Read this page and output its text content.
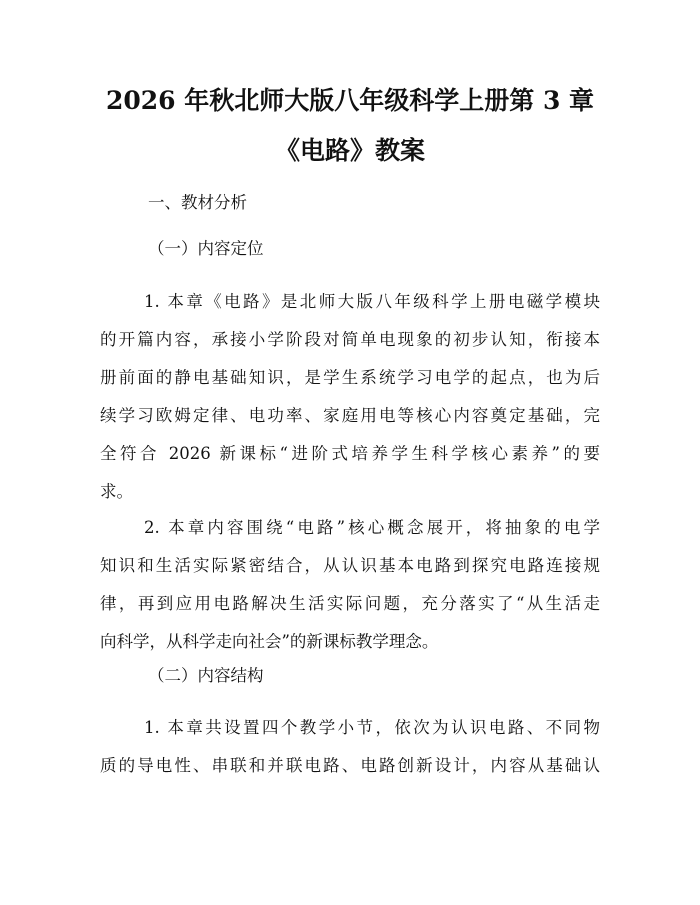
2026 年秋北师大版八年级科学上册第 3 章
《电路》教案
一、教材分析
（一）内容定位
1. 本章《电路》是北师大版八年级科学上册电磁学模块
的开篇内容，承接小学阶段对简单电现象的初步认知，衔接本
册前面的静电基础知识，是学生系统学习电学的起点，也为后
续学习欧姆定律、电功率、家庭用电等核心内容奠定基础，完
全符合 2026 新课标“进阶式培养学生科学核心素养”的要
求。
2. 本章内容围绕“电路”核心概念展开，将抽象的电学
知识和生活实际紧密结合，从认识基本电路到探究电路连接规
律，再到应用电路解决生活实际问题，充分落实了“从生活走
向科学，从科学走向社会”的新课标教学理念。
（二）内容结构
1. 本章共设置四个教学小节，依次为认识电路、不同物
质的导电性、串联和并联电路、电路创新设计，内容从基础认
